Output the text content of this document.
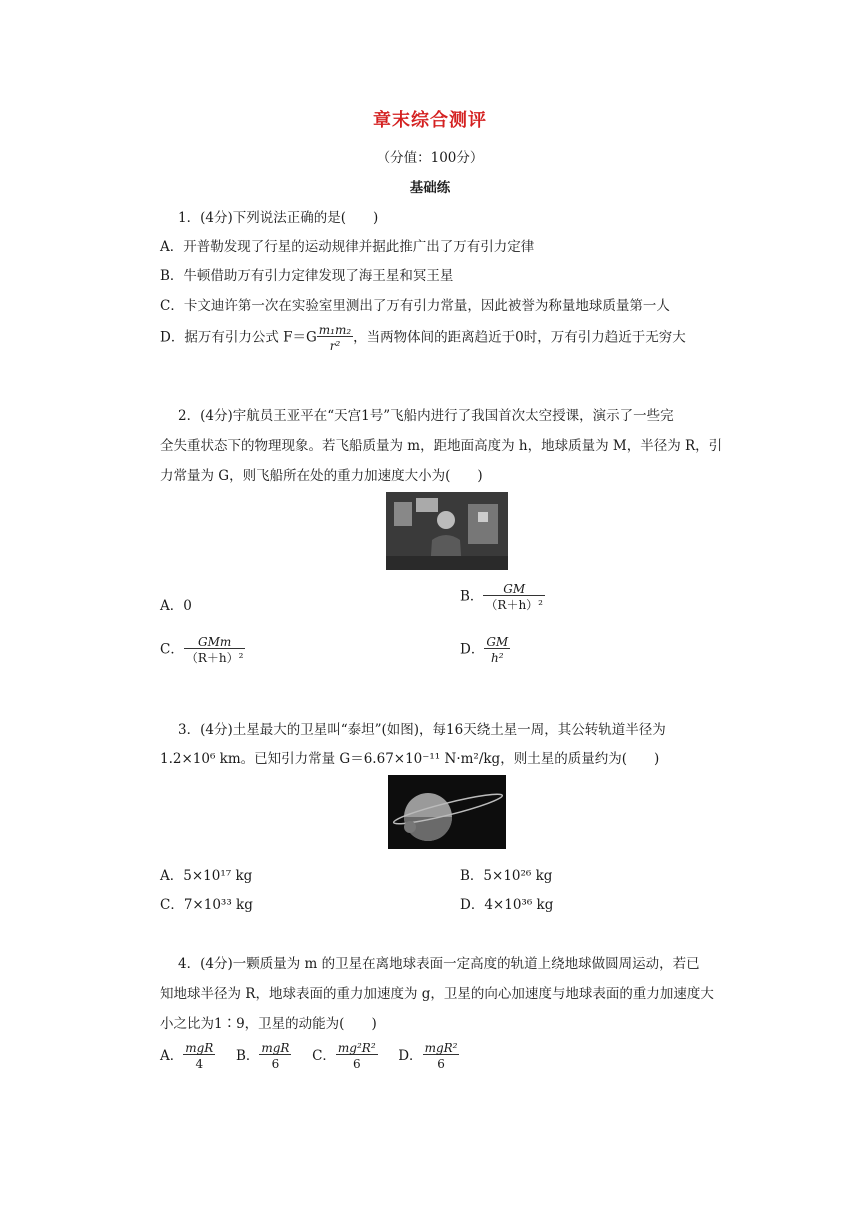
章末综合测评
（分值：100分）
基础练
1．(4分)下列说法正确的是(　　)
A．开普勒发现了行星的运动规律并据此推广出了万有引力定律
B．牛顿借助万有引力定律发现了海王星和冥王星
C．卡文迪许第一次在实验室里测出了万有引力常量，因此被誉为称量地球质量第一人
D．据万有引力公式 $F=G \frac{\text{m₁m₂}}{\text{r²}}$ ，当两物体间的距离趋近于0时，万有引力趋近于无穷大
2．(4分)宇航员王亚平在“天宫1号”飞船内进行了我国首次太空授课，演示了一些完
全失重状态下的物理现象。若飞船质量为 m，距地面高度为 h，地球质量为 M，半径为 R，引
力常量为 G，则飞船所在处的重力加速度大小为(　　)
A．0
B． $\frac{GM}{\text{（R＋h）²}}$
C． $\frac{\text{GMm}}{\text{（R＋h）²}}$	D． $\frac{GM}{\text{h²}}$
3．(4分)土星最大的卫星叫“泰坦”(如图)，每16天绕土星一周，其公转轨道半径为
1.2×10⁶ km。已知引力常量 G＝6.67×10⁻¹¹ N·m²/kg，则土星的质量约为(　　)
A．5×10¹⁷ kg	B．5×10²⁶ kg
C．7×10³³ kg	D．4×10³⁶ kg
4．(4分)一颗质量为 m 的卫星在离地球表面一定高度的轨道上绕地球做圆周运动，若已
知地球半径为 R，地球表面的重力加速度为 g，卫星的向心加速度与地球表面的重力加速度大
小之比为1∶9，卫星的动能为(　　)
A． $\frac{\text{mgR}}{4}$ B． $\frac{\text{mgR}}{6}$ C． $\frac{\text{mg²R²}}{6}$ D． $\frac{\text{mgR²}}{6}$
